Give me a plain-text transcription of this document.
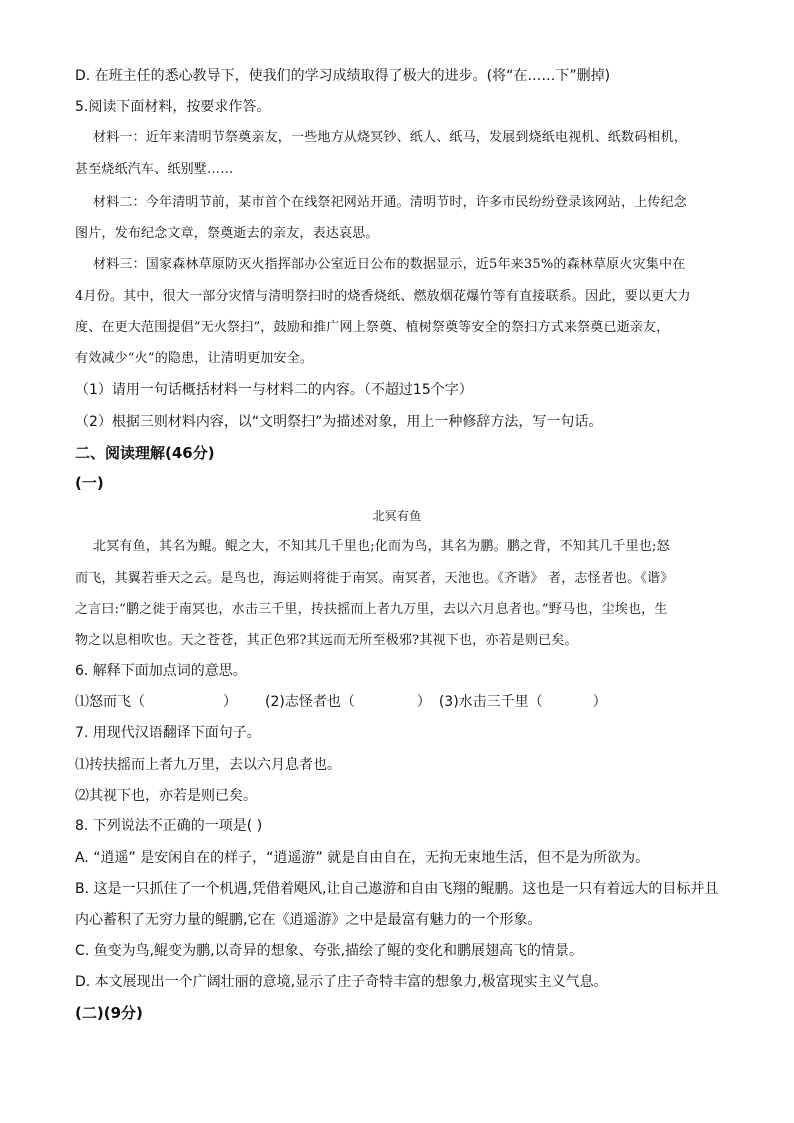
D. 在班主任的悉心教导下，使我们的学习成绩取得了极大的进步。(将“在……下”删掉)
5.阅读下面材料，按要求作答。
材料一：近年来清明节祭奠亲友，一些地方从烧冥钞、纸人、纸马，发展到烧纸电视机、纸数码相机，
甚至烧纸汽车、纸别墅……
材料二：今年清明节前，某市首个在线祭祀网站开通。清明节时，许多市民纷纷登录该网站，上传纪念
图片，发布纪念文章，祭奠逝去的亲友，表达哀思。
材料三：国家森林草原防灭火指挥部办公室近日公布的数据显示，近5年来35%的森林草原火灾集中在
4月份。其中，很大一部分灾情与清明祭扫时的烧香烧纸、燃放烟花爆竹等有直接联系。因此，要以更大力
度、在更大范围提倡“无火祭扫”，鼓励和推广网上祭奠、植树祭奠等安全的祭扫方式来祭奠已逝亲友，
有效减少“火”的隐患，让清明更加安全。
（1）请用一句话概括材料一与材料二的内容。（不超过15个字）
（2）根据三则材料内容，以“文明祭扫”为描述对象，用上一种修辞方法，写一句话。
二、阅读理解(46分)
(一)
北冥有鱼
北冥有鱼，其名为鲲。鲲之大，不知其几千里也;化而为鸟，其名为鹏。鹏之背，不知其几千里也;怒
而飞，其翼若垂天之云。是鸟也，海运则将徙于南冥。南冥者，天池也。《齐谐》 者，志怪者也。《谐》
之言曰:“鹏之徙于南冥也，水击三千里，抟扶摇而上者九万里，去以六月息者也。”野马也，尘埃也，生
物之以息相吹也。天之苍苍，其正色邪?其远而无所至极邪?其视下也，亦若是则已矣。
6. 解释下面加点词的意思。
⑴怒而飞（	） (2)志怪者也（	） (3)水击三千里（	）
7. 用现代汉语翻译下面句子。
⑴抟扶摇而上者九万里，去以六月息者也。
⑵其视下也，亦若是则已矣。
8. 下列说法不正确的一项是( )
A. “逍遥” 是安闲自在的样子，“逍遥游” 就是自由自在，无拘无束地生活，但不是为所欲为。
B. 这是一只抓住了一个机遇,凭借着飓风,让自己遨游和自由飞翔的鲲鹏。这也是一只有着远大的目标并且
内心蓄积了无穷力量的鲲鹏,它在《逍遥游》之中是最富有魅力的一个形象。
C. 鱼变为鸟,鲲变为鹏,以奇异的想象、夸张,描绘了鲲的变化和鹏展翅高飞的情景。
D. 本文展现出一个广阔壮丽的意境,显示了庄子奇特丰富的想象力,极富现实主义气息。
(二)(9分)
